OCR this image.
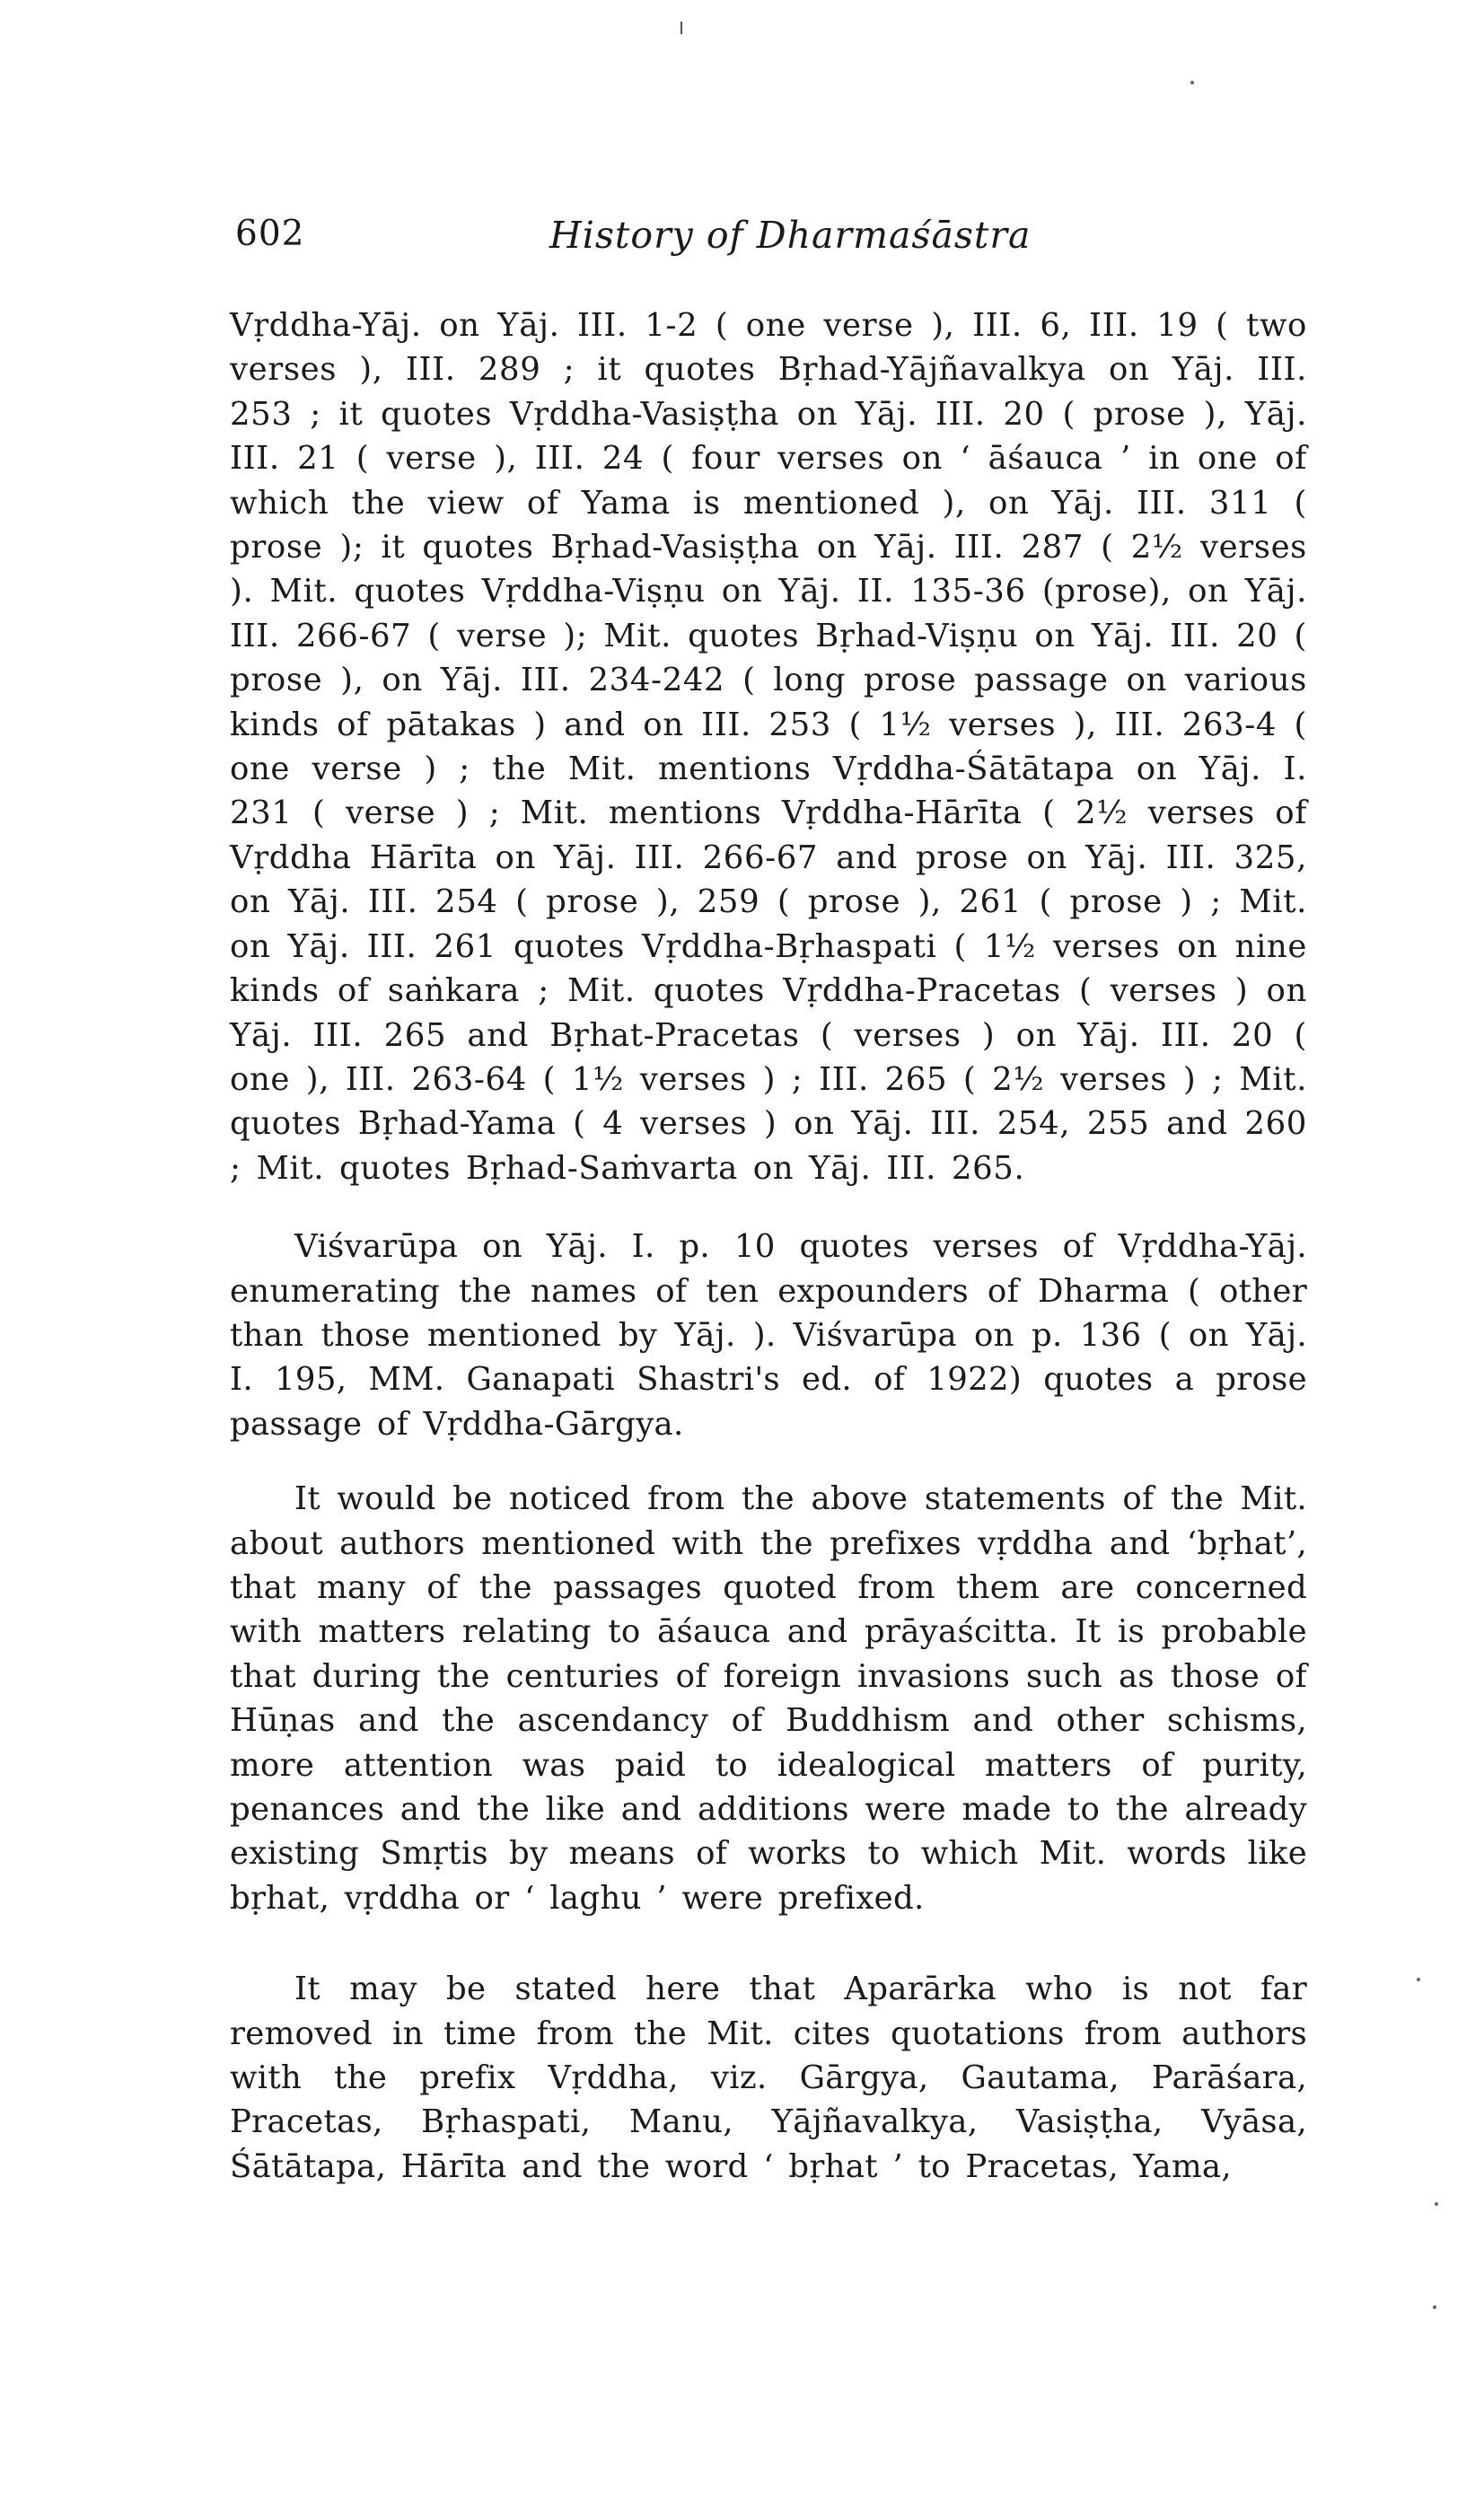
602	History of Dharmaśāstra

Vṛddha-Yāj. on Yāj. III. 1-2 ( one verse ), III. 6, III. 19 ( two verses ), III. 289 ; it quotes Bṛhad-Yājñavalkya on Yāj. III. 253 ; it quotes Vṛddha-Vasiṣṭha on Yāj. III. 20 ( prose ), Yāj. III. 21 ( verse ), III. 24 ( four verses on ‘ āśauca ’ in one of which the view of Yama is mentioned ), on Yāj. III. 311 ( prose ); it quotes Bṛhad-Vasiṣṭha on Yāj. III. 287 ( 2½ verses ). Mit. quotes Vṛddha-Viṣṇu on Yāj. II. 135-36 (prose), on Yāj. III. 266-67 ( verse ); Mit. quotes Bṛhad-Viṣṇu on Yāj. III. 20 ( prose ), on Yāj. III. 234-242 ( long prose passage on various kinds of pātakas ) and on III. 253 ( 1½ verses ), III. 263-4 ( one verse ) ; the Mit. mentions Vṛddha-Śātātapa on Yāj. I. 231 ( verse ) ; Mit. mentions Vṛddha-Hārīta ( 2½ verses of Vṛddha Hārīta on Yāj. III. 266-67 and prose on Yāj. III. 325, on Yāj. III. 254 ( prose ), 259 ( prose ), 261 ( prose ) ; Mit. on Yāj. III. 261 quotes Vṛddha-Bṛhaspati ( 1½ verses on nine kinds of saṅkara ; Mit. quotes Vṛddha-Pracetas ( verses ) on Yāj. III. 265 and Bṛhat-Pracetas ( verses ) on Yāj. III. 20 ( one ), III. 263-64 ( 1½ verses ) ; III. 265 ( 2½ verses ) ; Mit. quotes Bṛhad-Yama ( 4 verses ) on Yāj. III. 254, 255 and 260 ; Mit. quotes Bṛhad-Saṁvarta on Yāj. III. 265.

Viśvarūpa on Yāj. I. p. 10 quotes verses of Vṛddha-Yāj. enumerating the names of ten expounders of Dharma ( other than those mentioned by Yāj. ). Viśvarūpa on p. 136 ( on Yāj. I. 195, MM. Ganapati Shastri's ed. of 1922) quotes a prose passage of Vṛddha-Gārgya.

It would be noticed from the above statements of the Mit. about authors mentioned with the prefixes vṛddha and ‘bṛhat’, that many of the passages quoted from them are concerned with matters relating to āśauca and prāyaścitta. It is probable that during the centuries of foreign invasions such as those of Hūṇas and the ascendancy of Buddhism and other schisms, more attention was paid to idealogical matters of purity, penances and the like and additions were made to the already existing Smṛtis by means of works to which Mit. words like bṛhat, vṛddha or ‘ laghu ’ were prefixed.

It may be stated here that Aparārka who is not far removed in time from the Mit. cites quotations from authors with the prefix Vṛddha, viz. Gārgya, Gautama, Parāśara, Pracetas, Bṛhaspati, Manu, Yājñavalkya, Vasiṣṭha, Vyāsa, Śātātapa, Hārīta and the word ‘ bṛhat ’ to Pracetas, Yama,
